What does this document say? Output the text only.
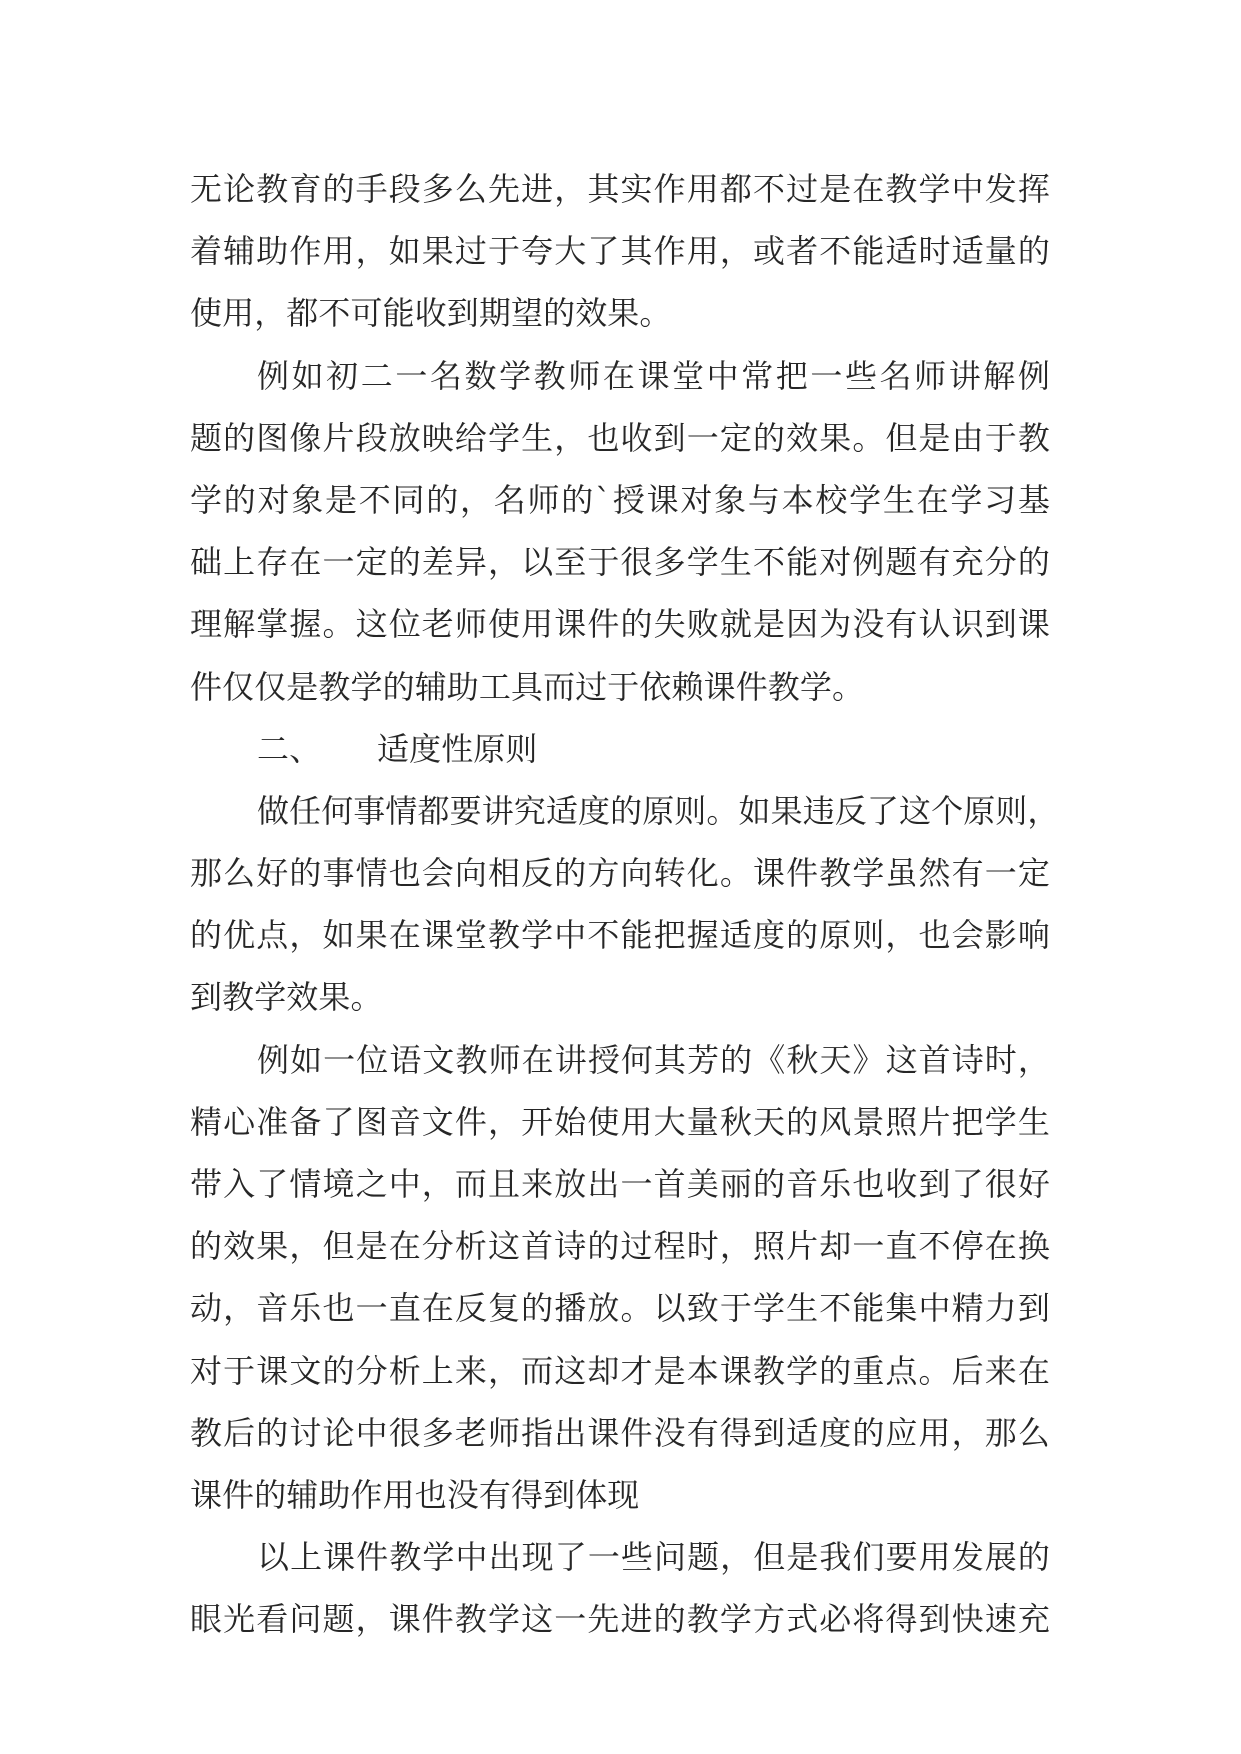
无论教育的手段多么先进，其实作用都不过是在教学中发挥
着辅助作用，如果过于夸大了其作用，或者不能适时适量的
使用，都不可能收到期望的效果。
例如初二一名数学教师在课堂中常把一些名师讲解例
题的图像片段放映给学生，也收到一定的效果。但是由于教
学的对象是不同的，名师的`授课对象与本校学生在学习基
础上存在一定的差异，以至于很多学生不能对例题有充分的
理解掌握。这位老师使用课件的失败就是因为没有认识到课
件仅仅是教学的辅助工具而过于依赖课件教学。
二、 适度性原则
做任何事情都要讲究适度的原则。如果违反了这个原则，
那么好的事情也会向相反的方向转化。课件教学虽然有一定
的优点，如果在课堂教学中不能把握适度的原则，也会影响
到教学效果。
例如一位语文教师在讲授何其芳的《秋天》这首诗时，
精心准备了图音文件，开始使用大量秋天的风景照片把学生
带入了情境之中，而且来放出一首美丽的音乐也收到了很好
的效果，但是在分析这首诗的过程时，照片却一直不停在换
动，音乐也一直在反复的播放。以致于学生不能集中精力到
对于课文的分析上来，而这却才是本课教学的重点。后来在
教后的讨论中很多老师指出课件没有得到适度的应用，那么
课件的辅助作用也没有得到体现
以上课件教学中出现了一些问题，但是我们要用发展的
眼光看问题，课件教学这一先进的教学方式必将得到快速充
